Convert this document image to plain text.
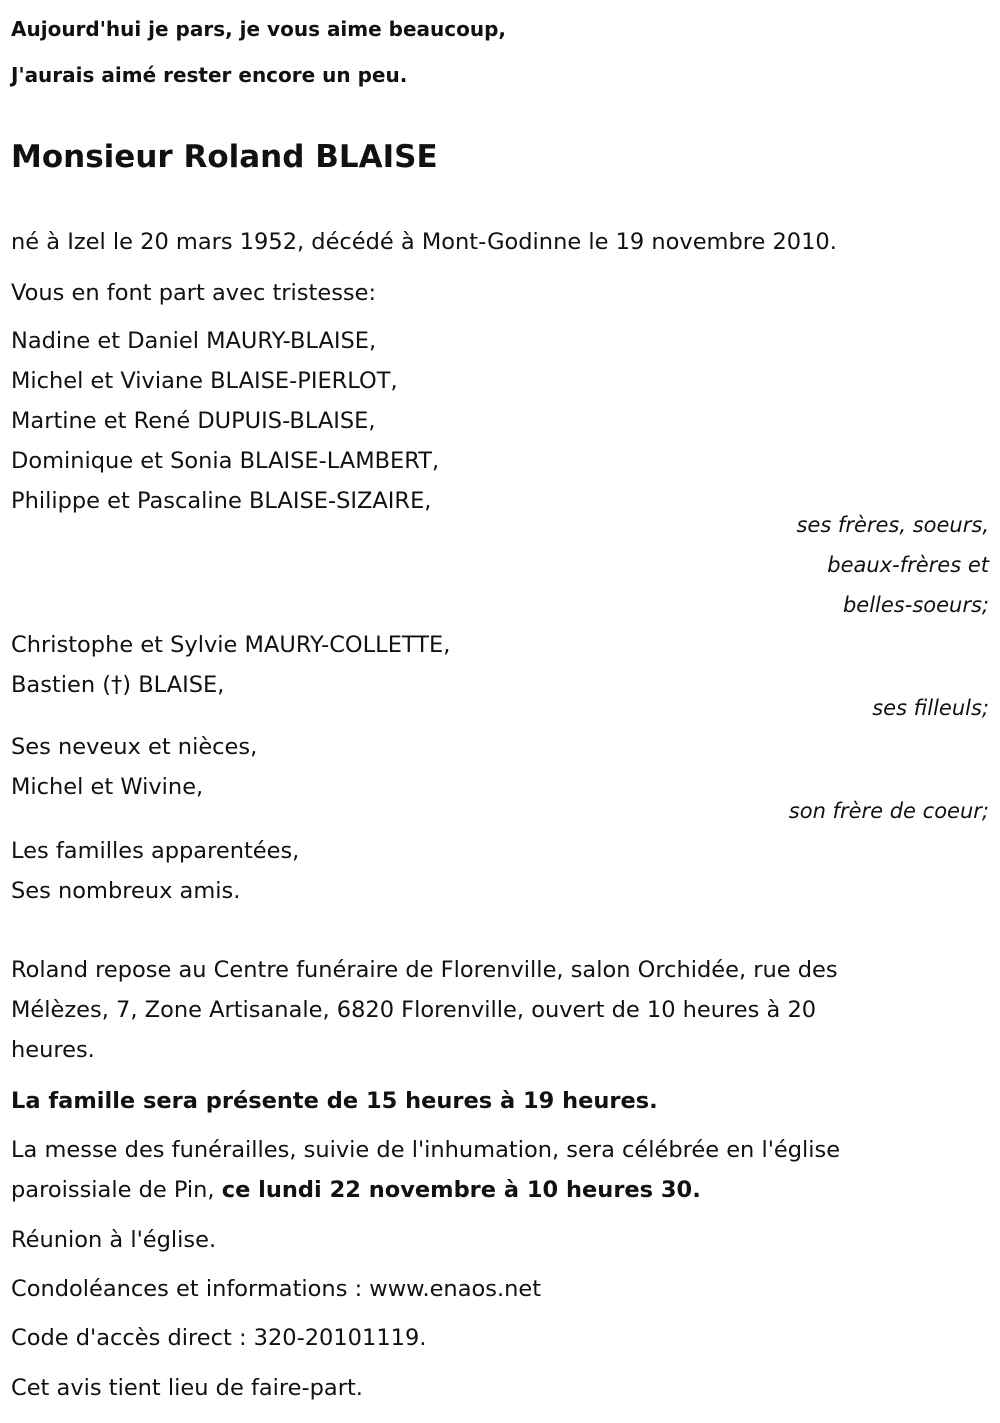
Aujourd'hui je pars, je vous aime beaucoup,
J'aurais aimé rester encore un peu.
Monsieur Roland BLAISE
né à Izel le 20 mars 1952, décédé à Mont-Godinne le 19 novembre 2010.
Vous en font part avec tristesse:
Nadine et Daniel MAURY-BLAISE,
Michel et Viviane BLAISE-PIERLOT,
Martine et René DUPUIS-BLAISE,
Dominique et Sonia BLAISE-LAMBERT,
Philippe et Pascaline BLAISE-SIZAIRE,
ses frères, soeurs,
beaux-frères et
belles-soeurs;
Christophe et Sylvie MAURY-COLLETTE,
Bastien (†) BLAISE,
ses filleuls;
Ses neveux et nièces,
Michel et Wivine,
son frère de coeur;
Les familles apparentées,
Ses nombreux amis.
Roland repose au Centre funéraire de Florenville, salon Orchidée, rue des
Mélèzes, 7, Zone Artisanale, 6820 Florenville, ouvert de 10 heures à 20
heures.
La famille sera présente de 15 heures à 19 heures.
La messe des funérailles, suivie de l'inhumation, sera célébrée en l'église
paroissiale de Pin, ce lundi 22 novembre à 10 heures 30.
Réunion à l'église.
Condoléances et informations : www.enaos.net
Code d'accès direct : 320-20101119.
Cet avis tient lieu de faire-part.
